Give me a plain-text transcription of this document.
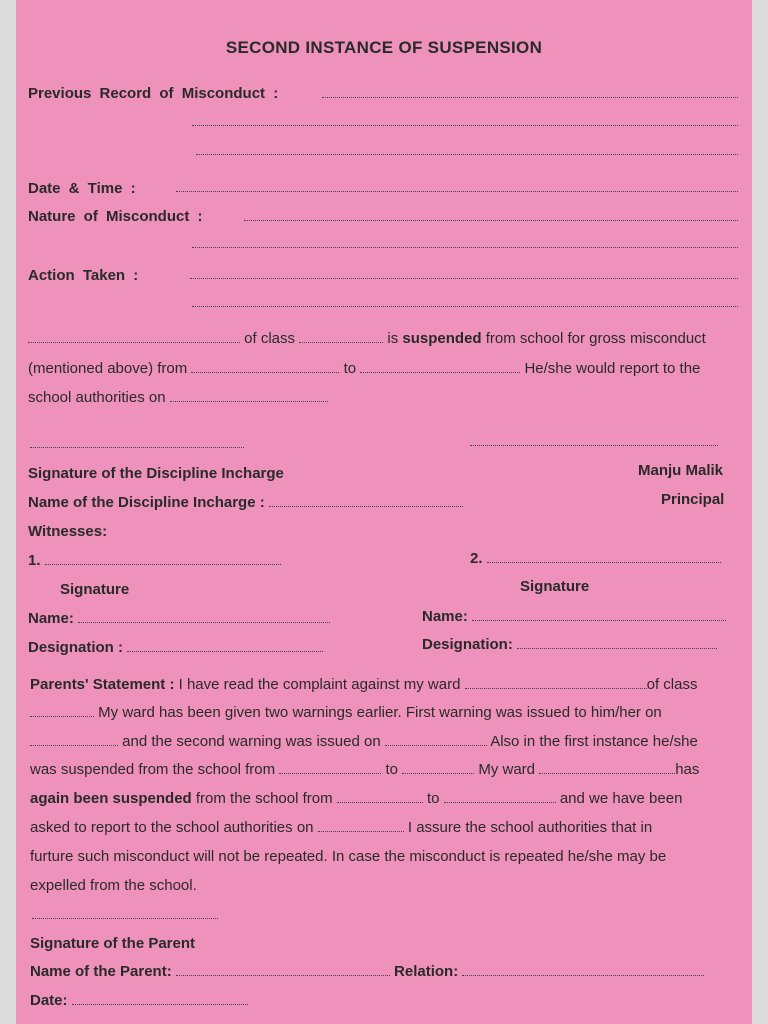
SECOND INSTANCE OF SUSPENSION
Previous Record of Misconduct :
Date & Time :
Nature of Misconduct :
Action Taken :
of class	is suspended from school for gross misconduct
(mentioned above) from	to	He/she would report to the
school authorities on
Signature of the Discipline Incharge	Manju Malik
Name of the Discipline Incharge :	Principal
Witnesses:
1.	2.
Signature	Signature
Name:	Name:
Designation :	Designation:
Parents' Statement : I have read the complaint against my ward	of class
My ward has been given two warnings earlier. First warning was issued to him/her on
and the second warning was issued on	Also in the first instance he/she
was suspended from the school from	to	My ward	has
again been suspended from the school from	to	and we have been
asked to report to the school authorities on	I assure the school authorities that in
furture such misconduct will not be repeated. In case the misconduct is repeated he/she may be
expelled from the school.
Signature of the Parent
Name of the Parent:	Relation:
Date:
